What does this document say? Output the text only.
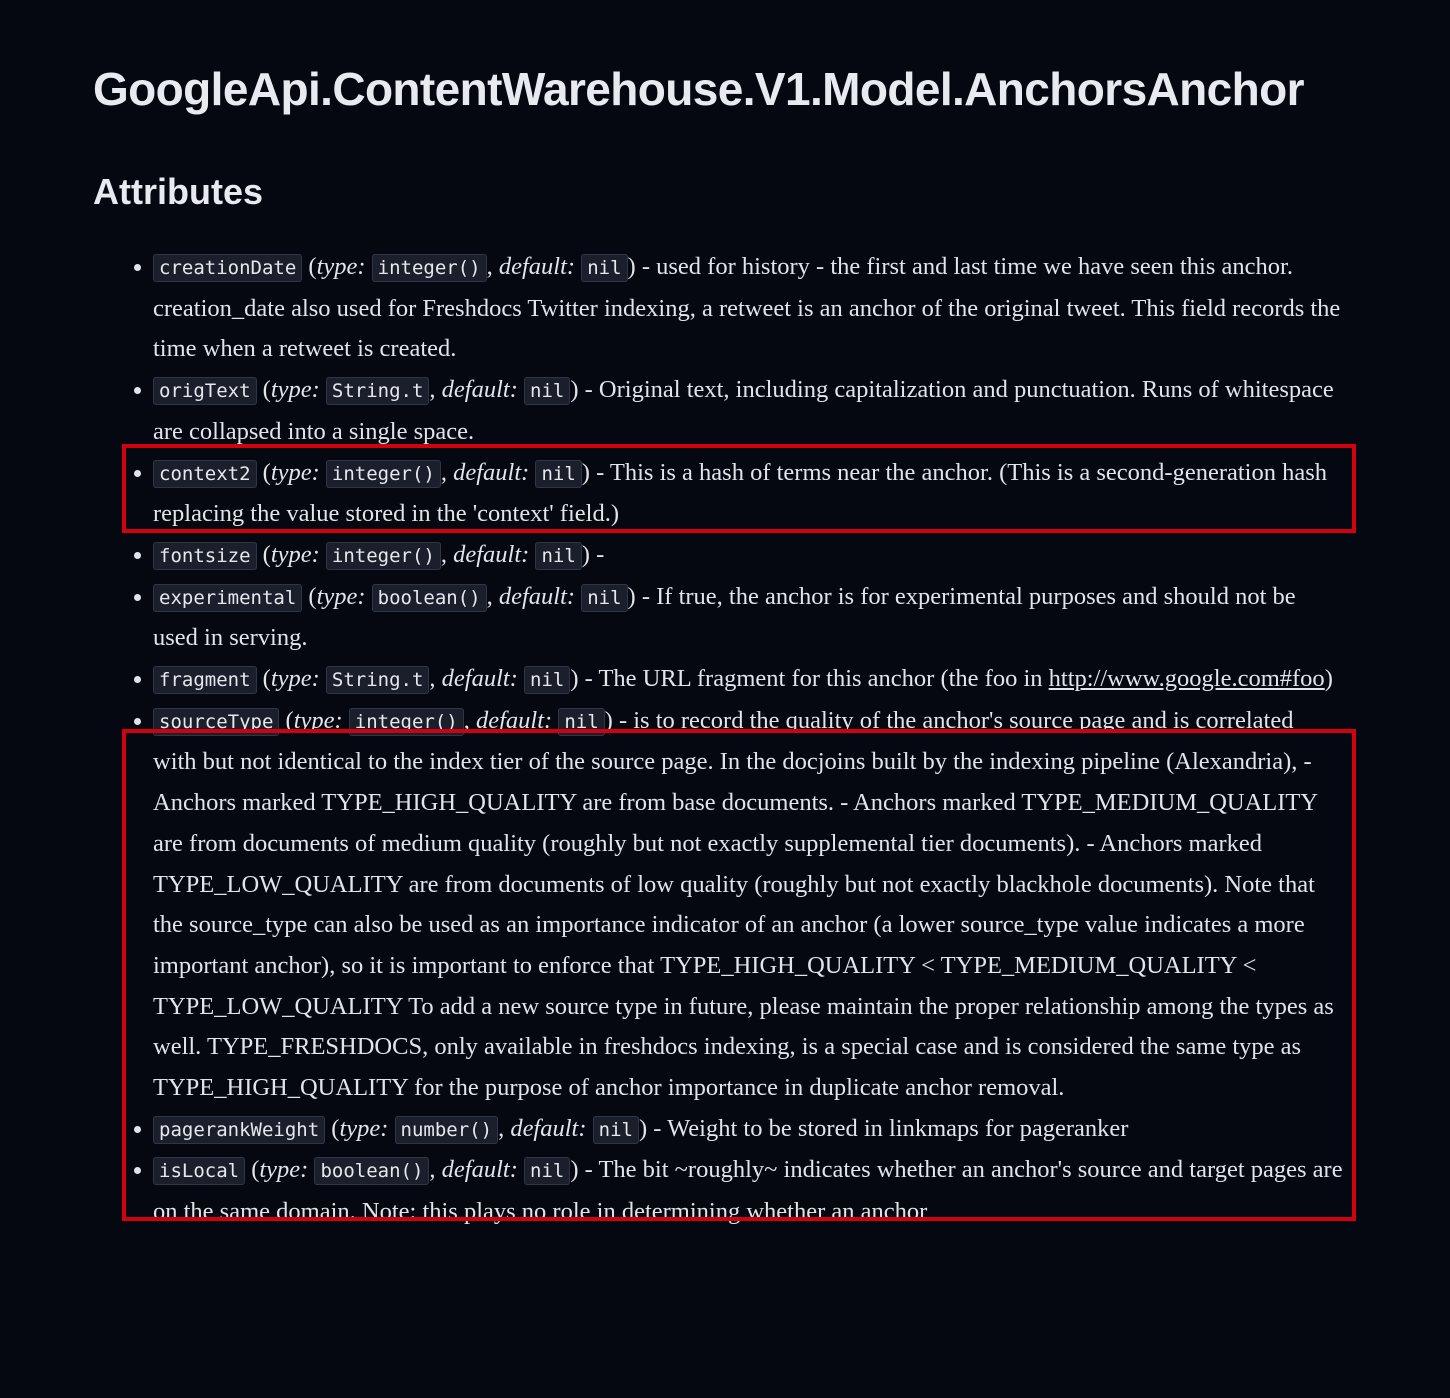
GoogleApi.ContentWarehouse.V1.Model.AnchorsAnchor
Attributes
creationDate (type: integer() , default: nil ) - used for history - the first and last time we have seen this anchor. creation_date also used for Freshdocs Twitter indexing, a retweet is an anchor of the original tweet. This field records the time when a retweet is created.
origText (type: String.t , default: nil ) - Original text, including capitalization and punctuation. Runs of whitespace are collapsed into a single space.
context2 (type: integer() , default: nil ) - This is a hash of terms near the anchor. (This is a second-generation hash replacing the value stored in the 'context' field.)
fontsize (type: integer() , default: nil ) -
experimental (type: boolean() , default: nil ) - If true, the anchor is for experimental purposes and should not be used in serving.
fragment (type: String.t , default: nil ) - The URL fragment for this anchor (the foo in http://www.google.com#foo)
sourceType (type: integer() , default: nil ) - is to record the quality of the anchor's source page and is correlated with but not identical to the index tier of the source page. In the docjoins built by the indexing pipeline (Alexandria), - Anchors marked TYPE_HIGH_QUALITY are from base documents. - Anchors marked TYPE_MEDIUM_QUALITY are from documents of medium quality (roughly but not exactly supplemental tier documents). - Anchors marked TYPE_LOW_QUALITY are from documents of low quality (roughly but not exactly blackhole documents). Note that the source_type can also be used as an importance indicator of an anchor (a lower source_type value indicates a more important anchor), so it is important to enforce that TYPE_HIGH_QUALITY < TYPE_MEDIUM_QUALITY < TYPE_LOW_QUALITY To add a new source type in future, please maintain the proper relationship among the types as well. TYPE_FRESHDOCS, only available in freshdocs indexing, is a special case and is considered the same type as TYPE_HIGH_QUALITY for the purpose of anchor importance in duplicate anchor removal.
pagerankWeight (type: number() , default: nil ) - Weight to be stored in linkmaps for pageranker
isLocal (type: boolean() , default: nil ) - The bit ~roughly~ indicates whether an anchor's source and target pages are on the same domain. Note: this plays no role in determining whether an anchor
